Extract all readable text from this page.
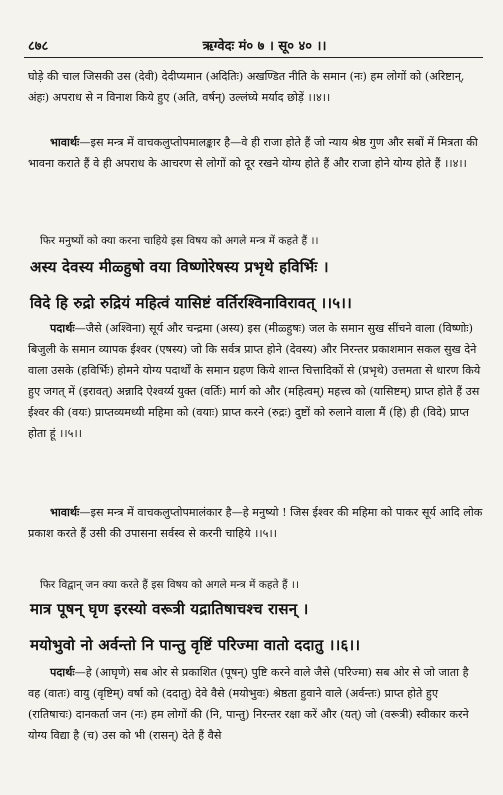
८७८	ऋग्वेदः मं० ७ । सू० ४० ।।
घोड़े की चाल जिसकी उस (देवी) देदीप्यमान (अदितिः) अखण्डित नीति के समान (नः) हम लोगों को (अरिष्टान्, अंहः) अपराध से न विनाश किये हुए (अति, वर्षन्) उल्लंघ्ये मर्याद छोड़ें ।।४।।
भावार्थः—इस मन्त्र में वाचकलुप्तोपमालङ्कार है—वे ही राजा होते हैं जो न्याय श्रेष्ठ गुण और सबों में मित्रता की भावना कराते हैं वे ही अपराध के आचरण से लोगों को दूर रखने योग्य होते हैं और राजा होने योग्य होते हैं ।।४।।
फिर मनुष्यों को क्या करना चाहिये इस विषय को अगले मन्त्र में कहते हैं ।।
अस्य देवस्य मीळ्हुषो वया विष्णोरेषस्य प्रभृथे हविर्भिः ।
विदे हि रुद्रो रुद्रियं महित्वं यासिष्टं वर्तिरश्विनाविरावत् ।।५।।
पदार्थः—जैसे (अश्विना) सूर्य और चन्द्रमा (अस्य) इस (मीळ्हुषः) जल के समान सुख सींचने वाला (विष्णोः) बिजुली के समान व्यापक ईश्वर (एषस्य) जो कि सर्वत्र प्राप्त होने (देवस्य) और निरन्तर प्रकाशमान सकल सुख देने वाला उसके (हविर्भिः) होमने योग्य पदार्थों के समान ग्रहण किये शान्त चित्तादिकों से (प्रभृथे) उत्तमता से धारण किये हुए जगत् में (इरावत्) अन्नादि ऐश्वर्य्य युक्त (वर्तिः) मार्ग को और (महित्वम्) महत्त्व को (यासिष्टम्) प्राप्त होते हैं उस ईश्वर की (वयः) प्राप्तव्यमध्यी महिमा को (वयाः) प्राप्त करने (रुद्रः) दुष्टों को रुलाने वाला मैं (हि) ही (विदे) प्राप्त होता हूं ।।५।।
भावार्थः—इस मन्त्र में वाचकलुप्तोपमालंकार है—हे मनुष्यो ! जिस ईश्वर की महिमा को पाकर सूर्य आदि लोक प्रकाश करते हैं उसी की उपासना सर्वस्व से करनी चाहिये ।।५।।
फिर विद्वान् जन क्या करते हैं इस विषय को अगले मन्त्र में कहते हैं ।।
मात्र पूषन् घृण इरस्यो वरूत्री यद्रातिषाचश्च रासन् ।
मयोभुवो नो अर्वन्तो नि पान्तु वृष्टिं परिज्मा वातो ददातु ।।६।।
पदार्थः—हे (आघृणे) सब ओर से प्रकाशित (पूषन्) पुष्टि करने वाले जैसे (परिज्मा) सब ओर से जो जाता है वह (वातः) वायु (वृष्टिम्) वर्षा को (ददातु) देवे वैसे (मयोभुवः) श्रेष्ठता हुवाने वाले (अर्वन्तः) प्राप्त होते हुए (रातिषाचः) दानकर्ता जन (नः) हम लोगों की (नि, पान्तु) निरन्तर रक्षा करें और (यत्) जो (वरूत्री) स्वीकार करने योग्य विद्या है (च) उस को भी (रासन्) देते हैं वैसे
